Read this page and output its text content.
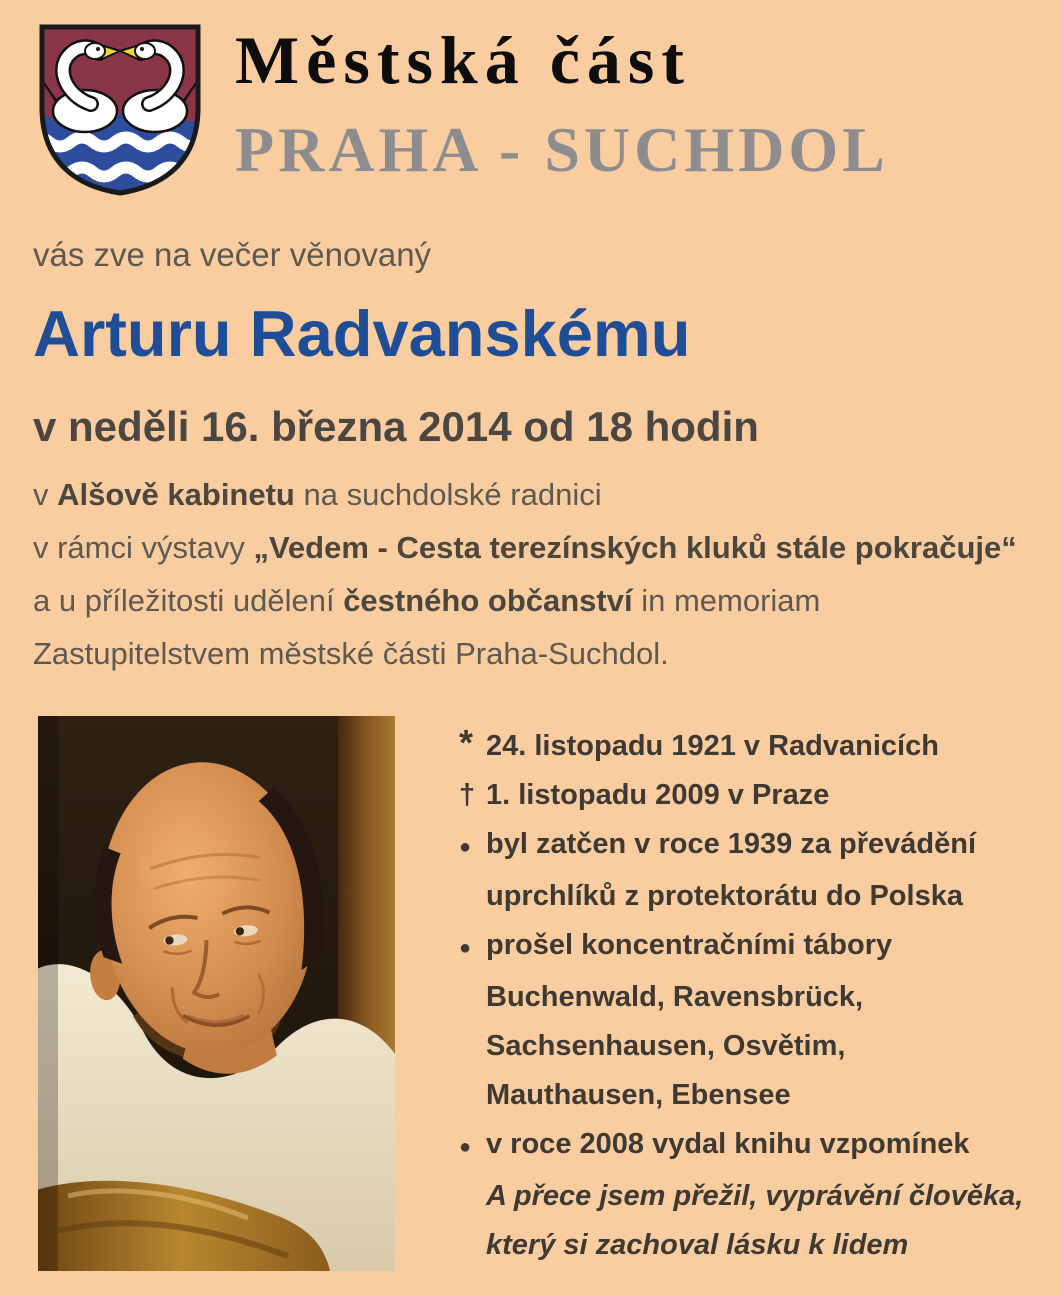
Městská část
PRAHA - SUCHDOL
vás zve na večer věnovaný
Arturu Radvanskému
v neděli 16. března 2014 od 18 hodin
v Alšově kabinetu na suchdolské radnici
v rámci výstavy „Vedem - Cesta terezínských kluků stále pokračuje“
a u příležitosti udělení čestného občanství in memoriam
Zastupitelstvem městské části Praha-Suchdol.
* 24. listopadu 1921 v Radvanicích
† 1. listopadu 2009 v Praze
● byl zatčen v roce 1939 za převádění
uprchlíků z protektorátu do Polska
● prošel koncentračními tábory
Buchenwald, Ravensbrück,
Sachsenhausen, Osvětim,
Mauthausen, Ebensee
● v roce 2008 vydal knihu vzpomínek
A přece jsem přežil, vyprávění člověka,
který si zachoval lásku k lidem
